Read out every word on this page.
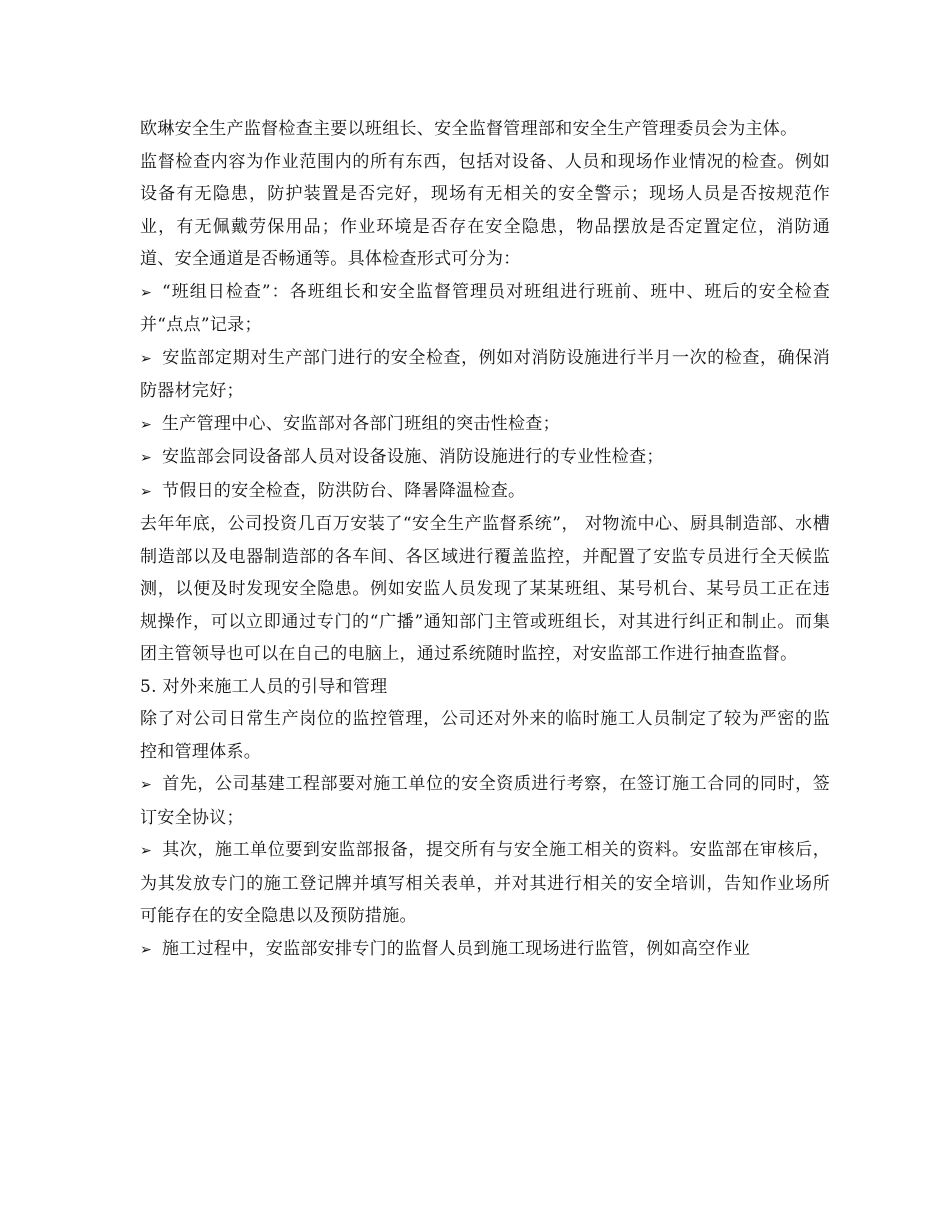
欧琳安全生产监督检查主要以班组长、安全监督管理部和安全生产管理委员会为主体。

监督检查内容为作业范围内的所有东西，包括对设备、人员和现场作业情况的检查。例如设备有无隐患，防护装置是否完好，现场有无相关的安全警示；现场人员是否按规范作业，有无佩戴劳保用品；作业环境是否存在安全隐患，物品摆放是否定置定位，消防通道、安全通道是否畅通等。具体检查形式可分为：

➢ “班组日检查”：各班组长和安全监督管理员对班组进行班前、班中、班后的安全检查并“点点”记录；

➢ 安监部定期对生产部门进行的安全检查，例如对消防设施进行半月一次的检查，确保消防器材完好；

➢ 生产管理中心、安监部对各部门班组的突击性检查；

➢ 安监部会同设备部人员对设备设施、消防设施进行的专业性检查；

➢ 节假日的安全检查，防洪防台、降暑降温检查。

去年年底，公司投资几百万安装了“安全生产监督系统”， 对物流中心、厨具制造部、水槽制造部以及电器制造部的各车间、各区域进行覆盖监控，并配置了安监专员进行全天候监测，以便及时发现安全隐患。例如安监人员发现了某某班组、某号机台、某号员工正在违规操作，可以立即通过专门的“广播”通知部门主管或班组长，对其进行纠正和制止。而集团主管领导也可以在自己的电脑上，通过系统随时监控，对安监部工作进行抽查监督。

5. 对外来施工人员的引导和管理

除了对公司日常生产岗位的监控管理，公司还对外来的临时施工人员制定了较为严密的监控和管理体系。

➢ 首先，公司基建工程部要对施工单位的安全资质进行考察，在签订施工合同的同时，签订安全协议；

➢ 其次，施工单位要到安监部报备，提交所有与安全施工相关的资料。安监部在审核后，为其发放专门的施工登记牌并填写相关表单，并对其进行相关的安全培训，告知作业场所可能存在的安全隐患以及预防措施。

➢ 施工过程中，安监部安排专门的监督人员到施工现场进行监管，例如高空作业
